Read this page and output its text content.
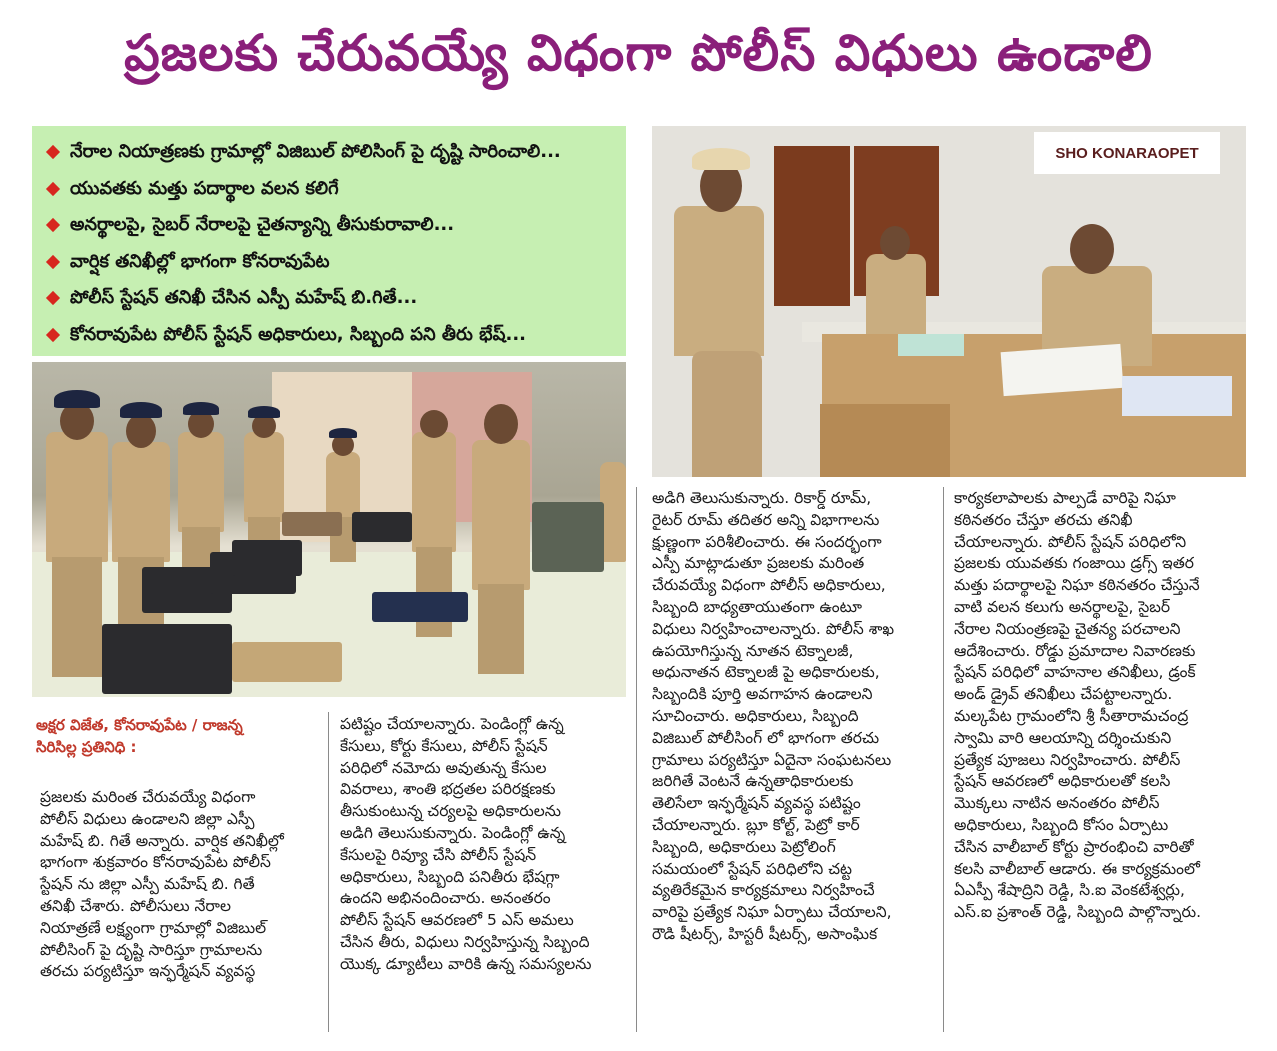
ప్రజలకు చేరువయ్యే విధంగా పోలీస్ విధులు ఉండాలి
నేరాల నియాత్రణకు గ్రామాల్లో విజిబుల్ పోలిసింగ్ పై దృష్టి సారించాలి...
యువతకు మత్తు పదార్థాల వలన కలిగే
అనర్థాలపై, సైబర్ నేరాలపై చైతన్యాన్ని తీసుకురావాలి...
వార్షిక తనిఖీల్లో భాగంగా కోనరావుపేట
పోలీస్ స్టేషన్ తనిఖీ చేసిన ఎస్పీ మహేష్ బి.గితే...
కోనరావుపేట పోలీస్ స్టేషన్ అధికారులు, సిబ్బంది పని తీరు భేష్...
SHO KONARAOPET
అక్షర విజేత, కోనరావుపేట / రాజన్న
సిరిసిల్ల ప్రతినిధి :
ప్రజలకు మరింత చేరువయ్యే విధంగా
పోలీస్ విధులు ఉండాలని జిల్లా ఎస్పీ
మహేష్ బి. గితే అన్నారు. వార్షిక తనిఖీల్లో
భాగంగా శుక్రవారం కోనరావుపేట పోలీస్
స్టేషన్ ను జిల్లా ఎస్పీ మహేష్ బి. గితే
తనిఖీ చేశారు. పోలీసులు నేరాల
నియాత్రణే లక్ష్యంగా గ్రామాల్లో విజిబుల్
పోలీసింగ్ పై దృష్టి సారిస్తూ గ్రామాలను
తరచు పర్యటిస్తూ ఇన్ఫర్మేషన్ వ్యవస్థ
పటిష్టం చేయాలన్నారు. పెండింగ్లో ఉన్న
కేసులు, కోర్టు కేసులు, పోలీస్ స్టేషన్
పరిధిలో నమోదు అవుతున్న కేసుల
వివరాలు, శాంతి భద్రతల పరిరక్షణకు
తీసుకుంటున్న చర్యలపై అధికారులను
అడిగి తెలుసుకున్నారు. పెండింగ్లో ఉన్న
కేసులపై రివ్యూ చేసి పోలీస్ స్టేషన్
అధికారులు, సిబ్బంది పనితీరు భేషగ్గా
ఉందని అభినందించారు. అనంతరం
పోలీస్ స్టేషన్ ఆవరణలో 5 ఎస్ అమలు
చేసిన తీరు, విధులు నిర్వహిస్తున్న సిబ్బంది
యొక్క డ్యూటీలు వారికి ఉన్న సమస్యలను
అడిగి తెలుసుకున్నారు. రికార్డ్ రూమ్,
రైటర్ రూమ్ తదితర అన్ని విభాగాలను
క్షుణ్ణంగా పరిశీలించారు. ఈ సందర్భంగా
ఎస్పీ మాట్లాడుతూ ప్రజలకు మరింత
చేరువయ్యే విధంగా పోలీస్ అధికారులు,
సిబ్బంది బాధ్యతాయుతంగా ఉంటూ
విధులు నిర్వహించాలన్నారు. పోలీస్ శాఖ
ఉపయోగిస్తున్న నూతన టెక్నాలజీ,
అధునాతన టెక్నాలజీ పై అధికారులకు,
సిబ్బందికి పూర్తి అవగాహన ఉండాలని
సూచించారు. అధికారులు, సిబ్బంది
విజిబుల్ పోలీసింగ్ లో భాగంగా తరచు
గ్రామాలు పర్యటిస్తూ ఏదైనా సంఘటనలు
జరిగితే వెంటనే ఉన్నతాధికారులకు
తెలిసేలా ఇన్ఫర్మేషన్ వ్యవస్థ పటిష్టం
చేయాలన్నారు. బ్లూ కోల్ట్, పెట్రో కార్
సిబ్బంది, అధికారులు పెట్రోలింగ్
సమయంలో స్టేషన్ పరిధిలోని చట్ట
వ్యతిరేకమైన కార్యక్రమాలు నిర్వహించే
వారిపై ప్రత్యేక నిఘా ఏర్పాటు చేయాలని,
రౌడి షీటర్స్, హిస్టరీ షీటర్స్, అసాంఘిక
కార్యకలాపాలకు పాల్పడే వారిపై నిఘా
కఠినతరం చేస్తూ తరచు తనిఖీ
చేయాలన్నారు. పోలీస్ స్టేషన్ పరిధిలోని
ప్రజలకు యువతకు గంజాయి డ్రగ్స్ ఇతర
మత్తు పదార్థాలపై నిఘా కఠినతరం చేస్తునే
వాటి వలన కలుగు అనర్థాలపై, సైబర్
నేరాల నియంత్రణపై చైతన్య పరచాలని
ఆదేశించారు. రోడ్డు ప్రమాదాల నివారణకు
స్టేషన్ పరిధిలో వాహనాల తనిఖీలు, డ్రంక్
అండ్ డ్రైవ్ తనిఖీలు చేపట్టాలన్నారు.
మల్కపేట గ్రామంలోని శ్రీ సీతారామచంద్ర
స్వామి వారి ఆలయాన్ని దర్శించుకుని
ప్రత్యేక పూజలు నిర్వహించారు. పోలీస్
స్టేషన్ ఆవరణలో అధికారులతో కలసి
మొక్కలు నాటిన అనంతరం పోలీస్
అధికారులు, సిబ్బంది కోసం ఏర్పాటు
చేసిన వాలీబాల్ కోర్టు ప్రారంభించి వారితో
కలసి వాలీబాల్ ఆడారు. ఈ కార్యక్రమంలో
ఏఎస్పీ శేషాద్రిని రెడ్డి, సి.ఐ వెంకటేశ్వర్లు,
ఎస్.ఐ ప్రశాంత్ రెడ్డి, సిబ్బంది పాల్గొన్నారు.
